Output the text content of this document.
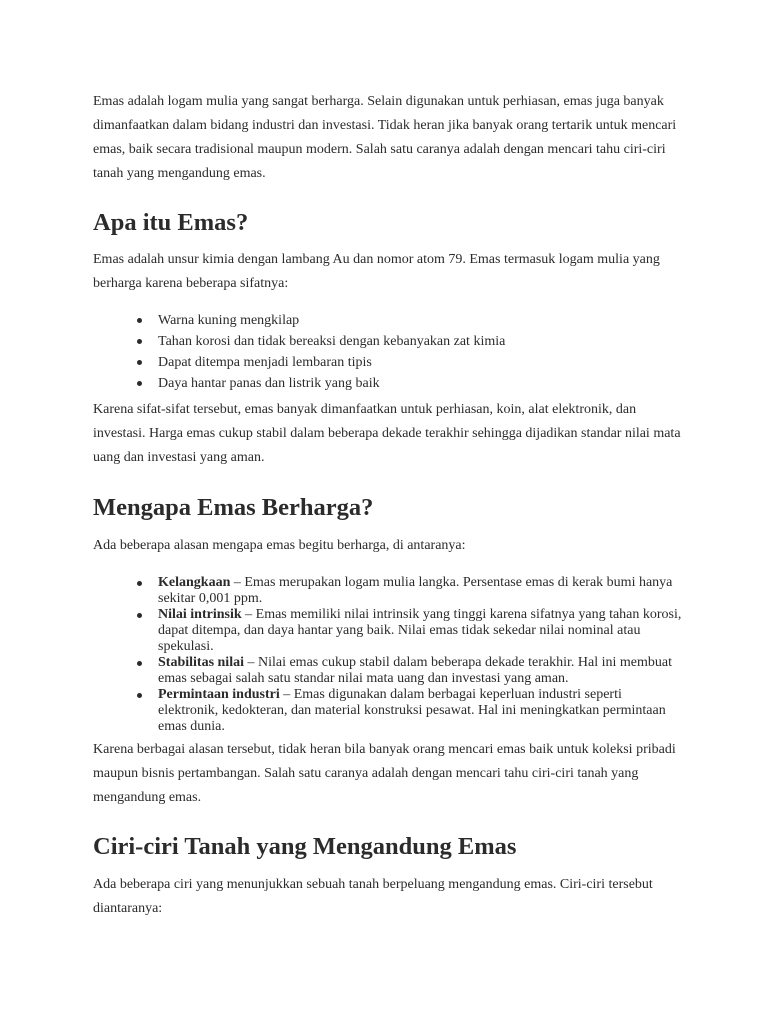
Emas adalah logam mulia yang sangat berharga. Selain digunakan untuk perhiasan, emas juga banyak dimanfaatkan dalam bidang industri dan investasi. Tidak heran jika banyak orang tertarik untuk mencari emas, baik secara tradisional maupun modern. Salah satu caranya adalah dengan mencari tahu ciri-ciri tanah yang mengandung emas.

Apa itu Emas?

Emas adalah unsur kimia dengan lambang Au dan nomor atom 79. Emas termasuk logam mulia yang berharga karena beberapa sifatnya:

Warna kuning mengkilap
Tahan korosi dan tidak bereaksi dengan kebanyakan zat kimia
Dapat ditempa menjadi lembaran tipis
Daya hantar panas dan listrik yang baik

Karena sifat-sifat tersebut, emas banyak dimanfaatkan untuk perhiasan, koin, alat elektronik, dan investasi. Harga emas cukup stabil dalam beberapa dekade terakhir sehingga dijadikan standar nilai mata uang dan investasi yang aman.

Mengapa Emas Berharga?

Ada beberapa alasan mengapa emas begitu berharga, di antaranya:

Kelangkaan – Emas merupakan logam mulia langka. Persentase emas di kerak bumi hanya sekitar 0,001 ppm.
Nilai intrinsik – Emas memiliki nilai intrinsik yang tinggi karena sifatnya yang tahan korosi, dapat ditempa, dan daya hantar yang baik. Nilai emas tidak sekedar nilai nominal atau spekulasi.
Stabilitas nilai – Nilai emas cukup stabil dalam beberapa dekade terakhir. Hal ini membuat emas sebagai salah satu standar nilai mata uang dan investasi yang aman.
Permintaan industri – Emas digunakan dalam berbagai keperluan industri seperti elektronik, kedokteran, dan material konstruksi pesawat. Hal ini meningkatkan permintaan emas dunia.

Karena berbagai alasan tersebut, tidak heran bila banyak orang mencari emas baik untuk koleksi pribadi maupun bisnis pertambangan. Salah satu caranya adalah dengan mencari tahu ciri-ciri tanah yang mengandung emas.

Ciri-ciri Tanah yang Mengandung Emas

Ada beberapa ciri yang menunjukkan sebuah tanah berpeluang mengandung emas. Ciri-ciri tersebut diantaranya:
